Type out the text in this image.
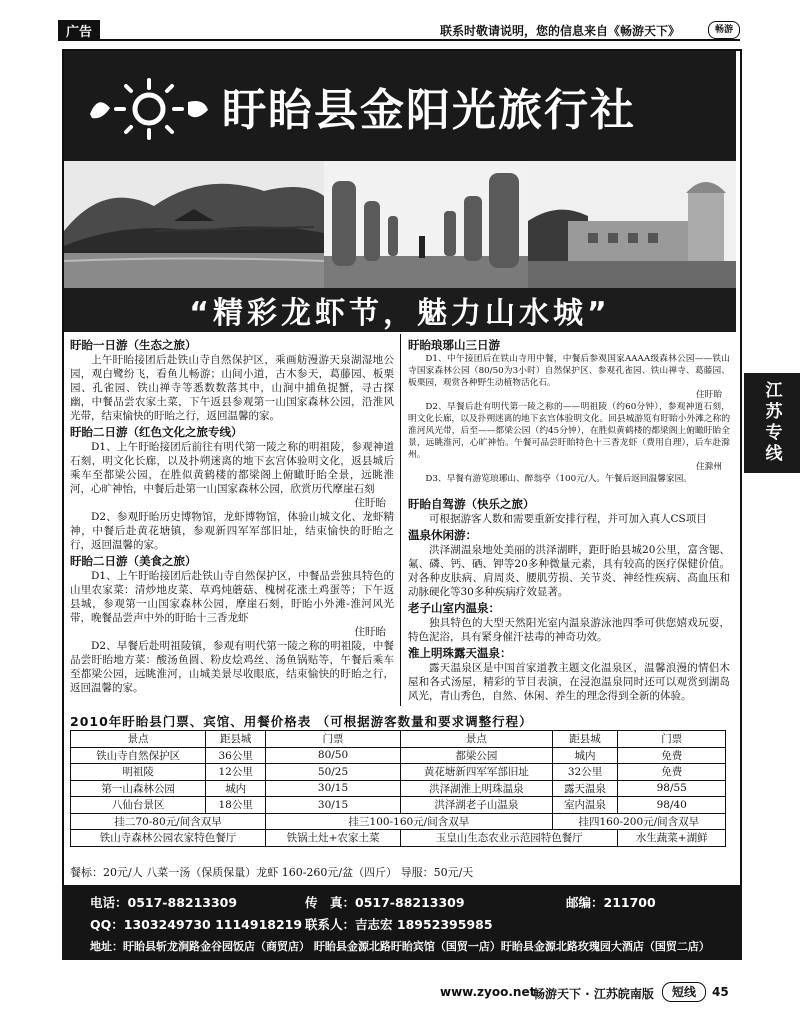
广告	联系时敬请说明，您的信息来自《畅游天下》	畅游
盱眙县金阳光旅行社
“精彩龙虾节，魅力山水城”
盱眙一日游（生态之旅）

上午盱眙接团后赴铁山寺自然保护区，乘画舫漫游天泉湖湿地公园，观白鹭纷飞，看鱼儿畅游；山间小道，古木参天，葛藤园、板栗园、孔雀园、铁山禅寺等悉数数落其中，山涧中捕鱼捉蟹，寻古探幽，中餐品尝农家土菜，下午返县参观第一山国家森林公园，沿淮风光带，结束愉快的盱眙之行，返回温馨的家。

盱眙二日游（红色文化之旅专线）

D1、上午盱眙接团后前往有明代第一陵之称的明祖陵，参观神道石刻，明文化长廊，以及扑朔迷离的地下玄宫体验明文化，返县城后乘车至都梁公园，在胜似黄鹤楼的都梁阁上俯瞰盱眙全景，远眺淮河，心旷神怡，中餐后赴第一山国家森林公园，欣赏历代摩崖石刻

住盱眙

D2、参观盱眙历史博物馆，龙虾博物馆，体验山城文化、龙虾精神，中餐后赴黄花塘镇，参观新四军军部旧址，结束愉快的盱眙之行，返回温馨的家。

盱眙二日游（美食之旅）

D1、上午盱眙接团后赴铁山寺自然保护区，中餐品尝独具特色的山里农家菜：清炒地皮菜、草鸡炖蘑菇、槐树花涨土鸡蛋等；下午返县城，参观第一山国家森林公园，摩崖石刻，盱眙小外滩-淮河风光带，晚餐品尝声中外的盱眙十三香龙虾

住盱眙

D2、早餐后赴明祖陵镇，参观有明代第一陵之称的明祖陵，中餐品尝盱眙地方菜：酸汤鱼圆、粉皮烩鸡丝、汤鱼锅贴等，午餐后乘车至都梁公园，远眺淮河，山城美景尽收眼底，结束愉快的盱眙之行，返回温馨的家。

盱眙琅琊山三日游

D1、中午接团后在铁山寺用中餐，中餐后参观国家AAAA级森林公园——铁山寺国家森林公园（80/50为3小时）自然保护区、参观孔雀园、铁山禅寺、葛藤园、板栗园，观赏各种野生动植物活化石。

住盱眙

D2、早餐后赴有明代第一陵之称的——明祖陵（约60分钟），参观神道石刻，明文化长廊，以及扑朔迷离的地下玄宫体验明文化。回县城游览有盱眙小外滩之称的淮河风光带，后至——都梁公园（约45分钟），在胜似黄鹤楼的都梁阁上俯瞰盱眙全景，远眺淮河，心旷神怡。午餐可品尝盱眙特色十三香龙虾（费用自理），后车赴滁州。

住滁州

D3、早餐有游览琅琊山、醉翁亭（100元/人。午餐后返回温馨家园。

盱眙自驾游（快乐之旅）

可根据游客人数和需要重新安排行程，并可加入真人CS项目

温泉休闲游：

洪泽湖温泉地处美丽的洪泽湖畔，距盱眙县城20公里，富含锶、氟、磷、钙、硒、钾等20多种微量元素，具有较高的医疗保健价值。对各种皮肤病、肩周炎、腰肌劳损、关节炎、神经性疾病、高血压和动脉硬化等30多种疾病疗效显著。

老子山室内温泉：

独具特色的大型天然阳光室内温泉游泳池四季可供您嬉戏玩耍，特色泥浴，具有紧身催汗祛毒的神奇功效。

淮上明珠露天温泉：

露天温泉区是中国首家道教主题文化温泉区，温馨浪漫的情侣木屋和各式汤屋，精彩的节目表演，在浸泡温泉同时还可以观赏到湖岛风光，青山秀色，自然、休闲、养生的理念得到全新的体验。

2010年盱眙县门票、宾馆、用餐价格表 （可根据游客数量和要求调整行程）
景点	距县城	门票	景点	距县城	门票
铁山寺自然保护区	36公里	80/50	都梁公园	城内	免费
明祖陵	12公里	50/25	黄花塘新四军军部旧址	32公里	免费
第一山森林公园	城内	30/15	洪泽湖淮上明珠温泉	露天温泉	98/55
八仙台景区	18公里	30/15	洪泽湖老子山温泉	室内温泉	98/40
挂二70-80元/间含双早		挂三100-160元/间含双早		挂四160-200元/间含双早	
铁山寺森林公园农家特色餐厅		铁锅土灶+农家土菜	玉皇山生态农业示范园特色餐厅		水生蔬菜+湖鲜
餐标：20元/人 八菜一汤（保质保量）龙虾 160-260元/盆（四斤） 导服：50元/天
电话：0517-88213309	传　真：0517-88213309	邮编：211700
QQ：1303249730 1114918219 联系人：吉志宏 18952395985
地址：盱眙县斩龙涧路金谷园饭店（商贸店） 盱眙县金源北路盱眙宾馆（国贸一店）盱眙县金源北路玫瑰园大酒店（国贸二店）
江苏专线
www.zyoo.net
畅游天下 · 江苏皖南版	短线	45
